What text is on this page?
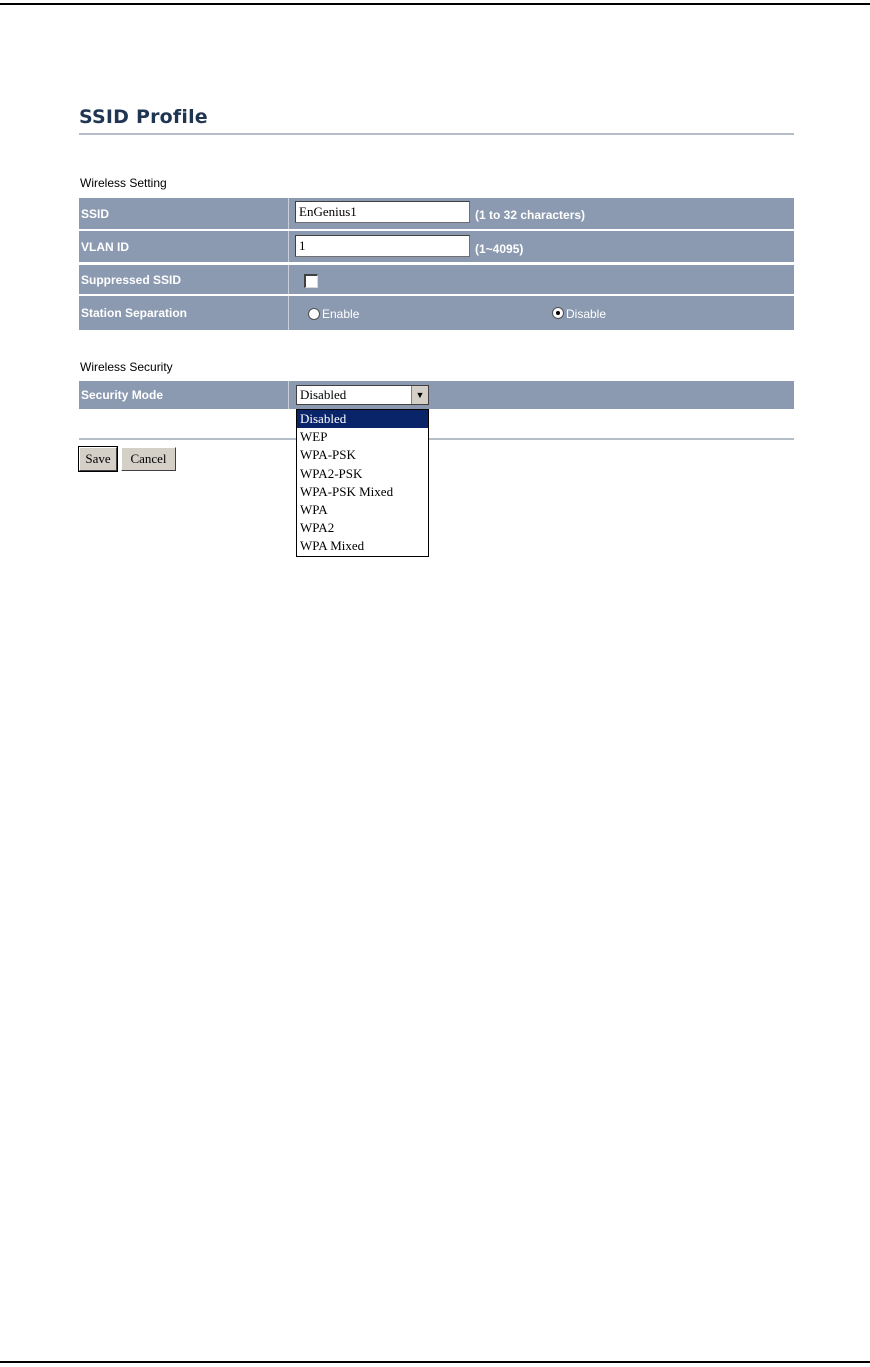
SSID Profile
Wireless Setting
SSID	EnGenius1	(1 to 32 characters)
VLAN ID	1	(1~4095)
Suppressed SSID
Station Separation	Enable	Disable
Wireless Security
Security Mode	Disabled	▼
Disabled
WEP
WPA-PSK
WPA2-PSK
WPA-PSK Mixed
WPA
WPA2
WPA Mixed
Save	Cancel
